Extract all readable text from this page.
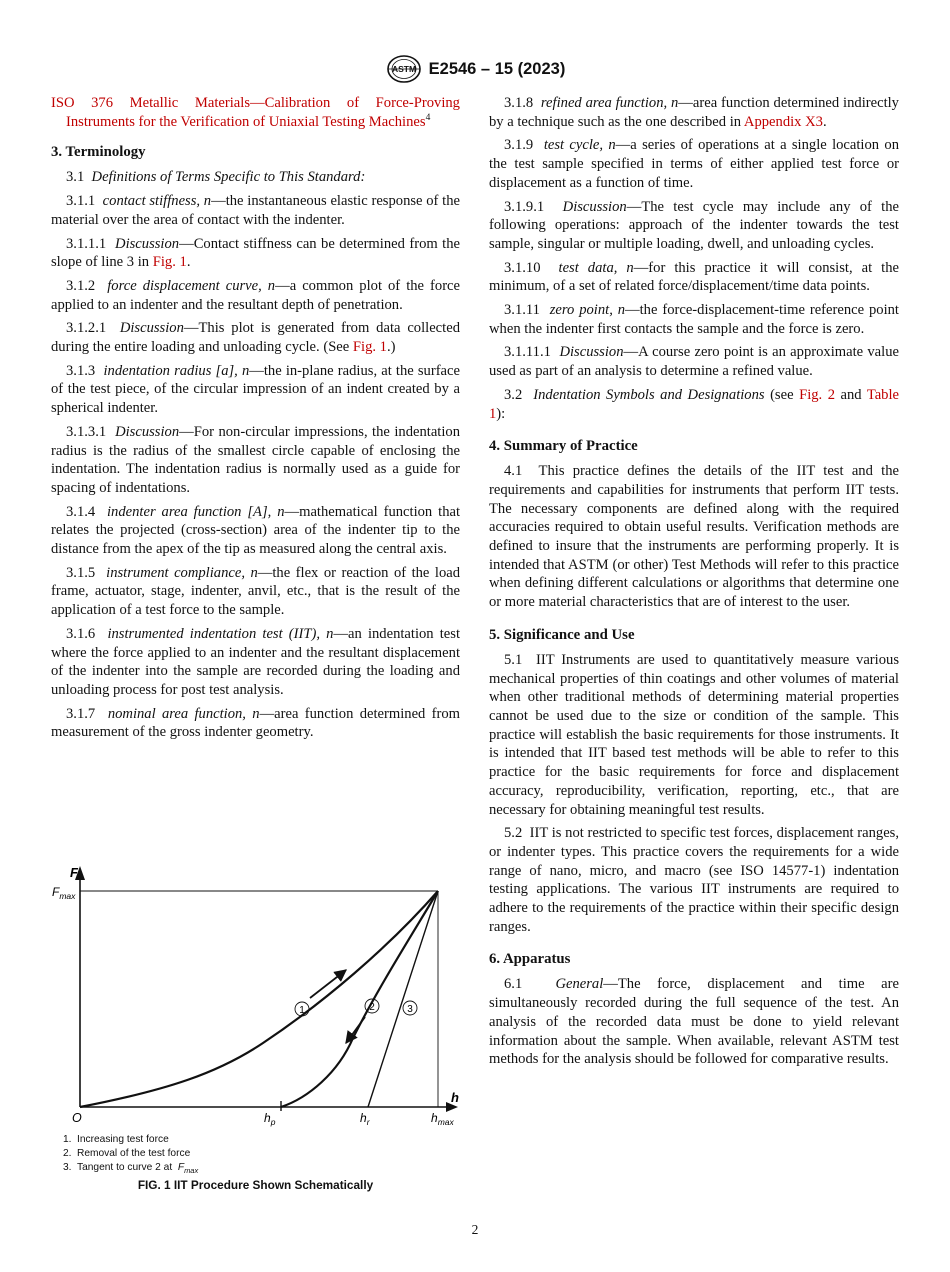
ASTM E2546 – 15 (2023)

ISO 376 Metallic Materials—Calibration of Force-Proving Instruments for the Verification of Uniaxial Testing Machines$^4$

3. Terminology

3.1 Definitions of Terms Specific to This Standard:

3.1.1 contact stiffness, n—the instantaneous elastic response of the material over the area of contact with the indenter.

3.1.1.1 Discussion—Contact stiffness can be determined from the slope of line 3 in Fig. 1.

3.1.2 force displacement curve, n—a common plot of the force applied to an indenter and the resultant depth of penetration.

3.1.2.1 Discussion—This plot is generated from data collected during the entire loading and unloading cycle. (See Fig. 1.)

3.1.3 indentation radius [a], n—the in-plane radius, at the surface of the test piece, of the circular impression of an indent created by a spherical indenter.

3.1.3.1 Discussion—For non-circular impressions, the indentation radius is the radius of the smallest circle capable of enclosing the indentation. The indentation radius is normally used as a guide for spacing of indentations.

3.1.4 indenter area function [A], n—mathematical function that relates the projected (cross-section) area of the indenter tip to the distance from the apex of the tip as measured along the central axis.

3.1.5 instrument compliance, n—the flex or reaction of the load frame, actuator, stage, indenter, anvil, etc., that is the result of the application of a test force to the sample.

3.1.6 instrumented indentation test (IIT), n—an indentation test where the force applied to an indenter and the resultant displacement of the indenter into the sample are recorded during the loading and unloading process for post test analysis.

3.1.7 nominal area function, n—area function determined from measurement of the gross indenter geometry.

1	2	3
F
$F_{max}$
h
O	$h_p$	$h_r$	$h_{max}$
1. Increasing test force
2. Removal of the test force
3. Tangent to curve 2 at  $F_{max}$
FIG. 1 IIT Procedure Shown Schematically

3.1.8 refined area function, n—area function determined indirectly by a technique such as the one described in Appendix X3.

3.1.9 test cycle, n—a series of operations at a single location on the test sample specified in terms of either applied test force or displacement as a function of time.

3.1.9.1 Discussion—The test cycle may include any of the following operations: approach of the indenter towards the test sample, singular or multiple loading, dwell, and unloading cycles.

3.1.10 test data, n—for this practice it will consist, at the minimum, of a set of related force/displacement/time data points.

3.1.11 zero point, n—the force-displacement-time reference point when the indenter first contacts the sample and the force is zero.

3.1.11.1 Discussion—A course zero point is an approximate value used as part of an analysis to determine a refined value.

3.2 Indentation Symbols and Designations (see Fig. 2 and Table 1):

4. Summary of Practice

4.1 This practice defines the details of the IIT test and the requirements and capabilities for instruments that perform IIT tests. The necessary components are defined along with the required accuracies required to obtain useful results. Verification methods are defined to insure that the instruments are performing properly. It is intended that ASTM (or other) Test Methods will refer to this practice when defining different calculations or algorithms that determine one or more material characteristics that are of interest to the user.

5. Significance and Use

5.1 IIT Instruments are used to quantitatively measure various mechanical properties of thin coatings and other volumes of material when other traditional methods of determining material properties cannot be used due to the size or condition of the sample. This practice will establish the basic requirements for those instruments. It is intended that IIT based test methods will be able to refer to this practice for the basic requirements for force and displacement accuracy, reproducibility, verification, reporting, etc., that are necessary for obtaining meaningful test results.

5.2 IIT is not restricted to specific test forces, displacement ranges, or indenter types. This practice covers the requirements for a wide range of nano, micro, and macro (see ISO 14577-1) indentation testing applications. The various IIT instruments are required to adhere to the requirements of the practice within their specific design ranges.

6. Apparatus

6.1 General—The force, displacement and time are simultaneously recorded during the full sequence of the test. An analysis of the recorded data must be done to yield relevant information about the sample. When available, relevant ASTM test methods for the analysis should be followed for comparative results.

2
